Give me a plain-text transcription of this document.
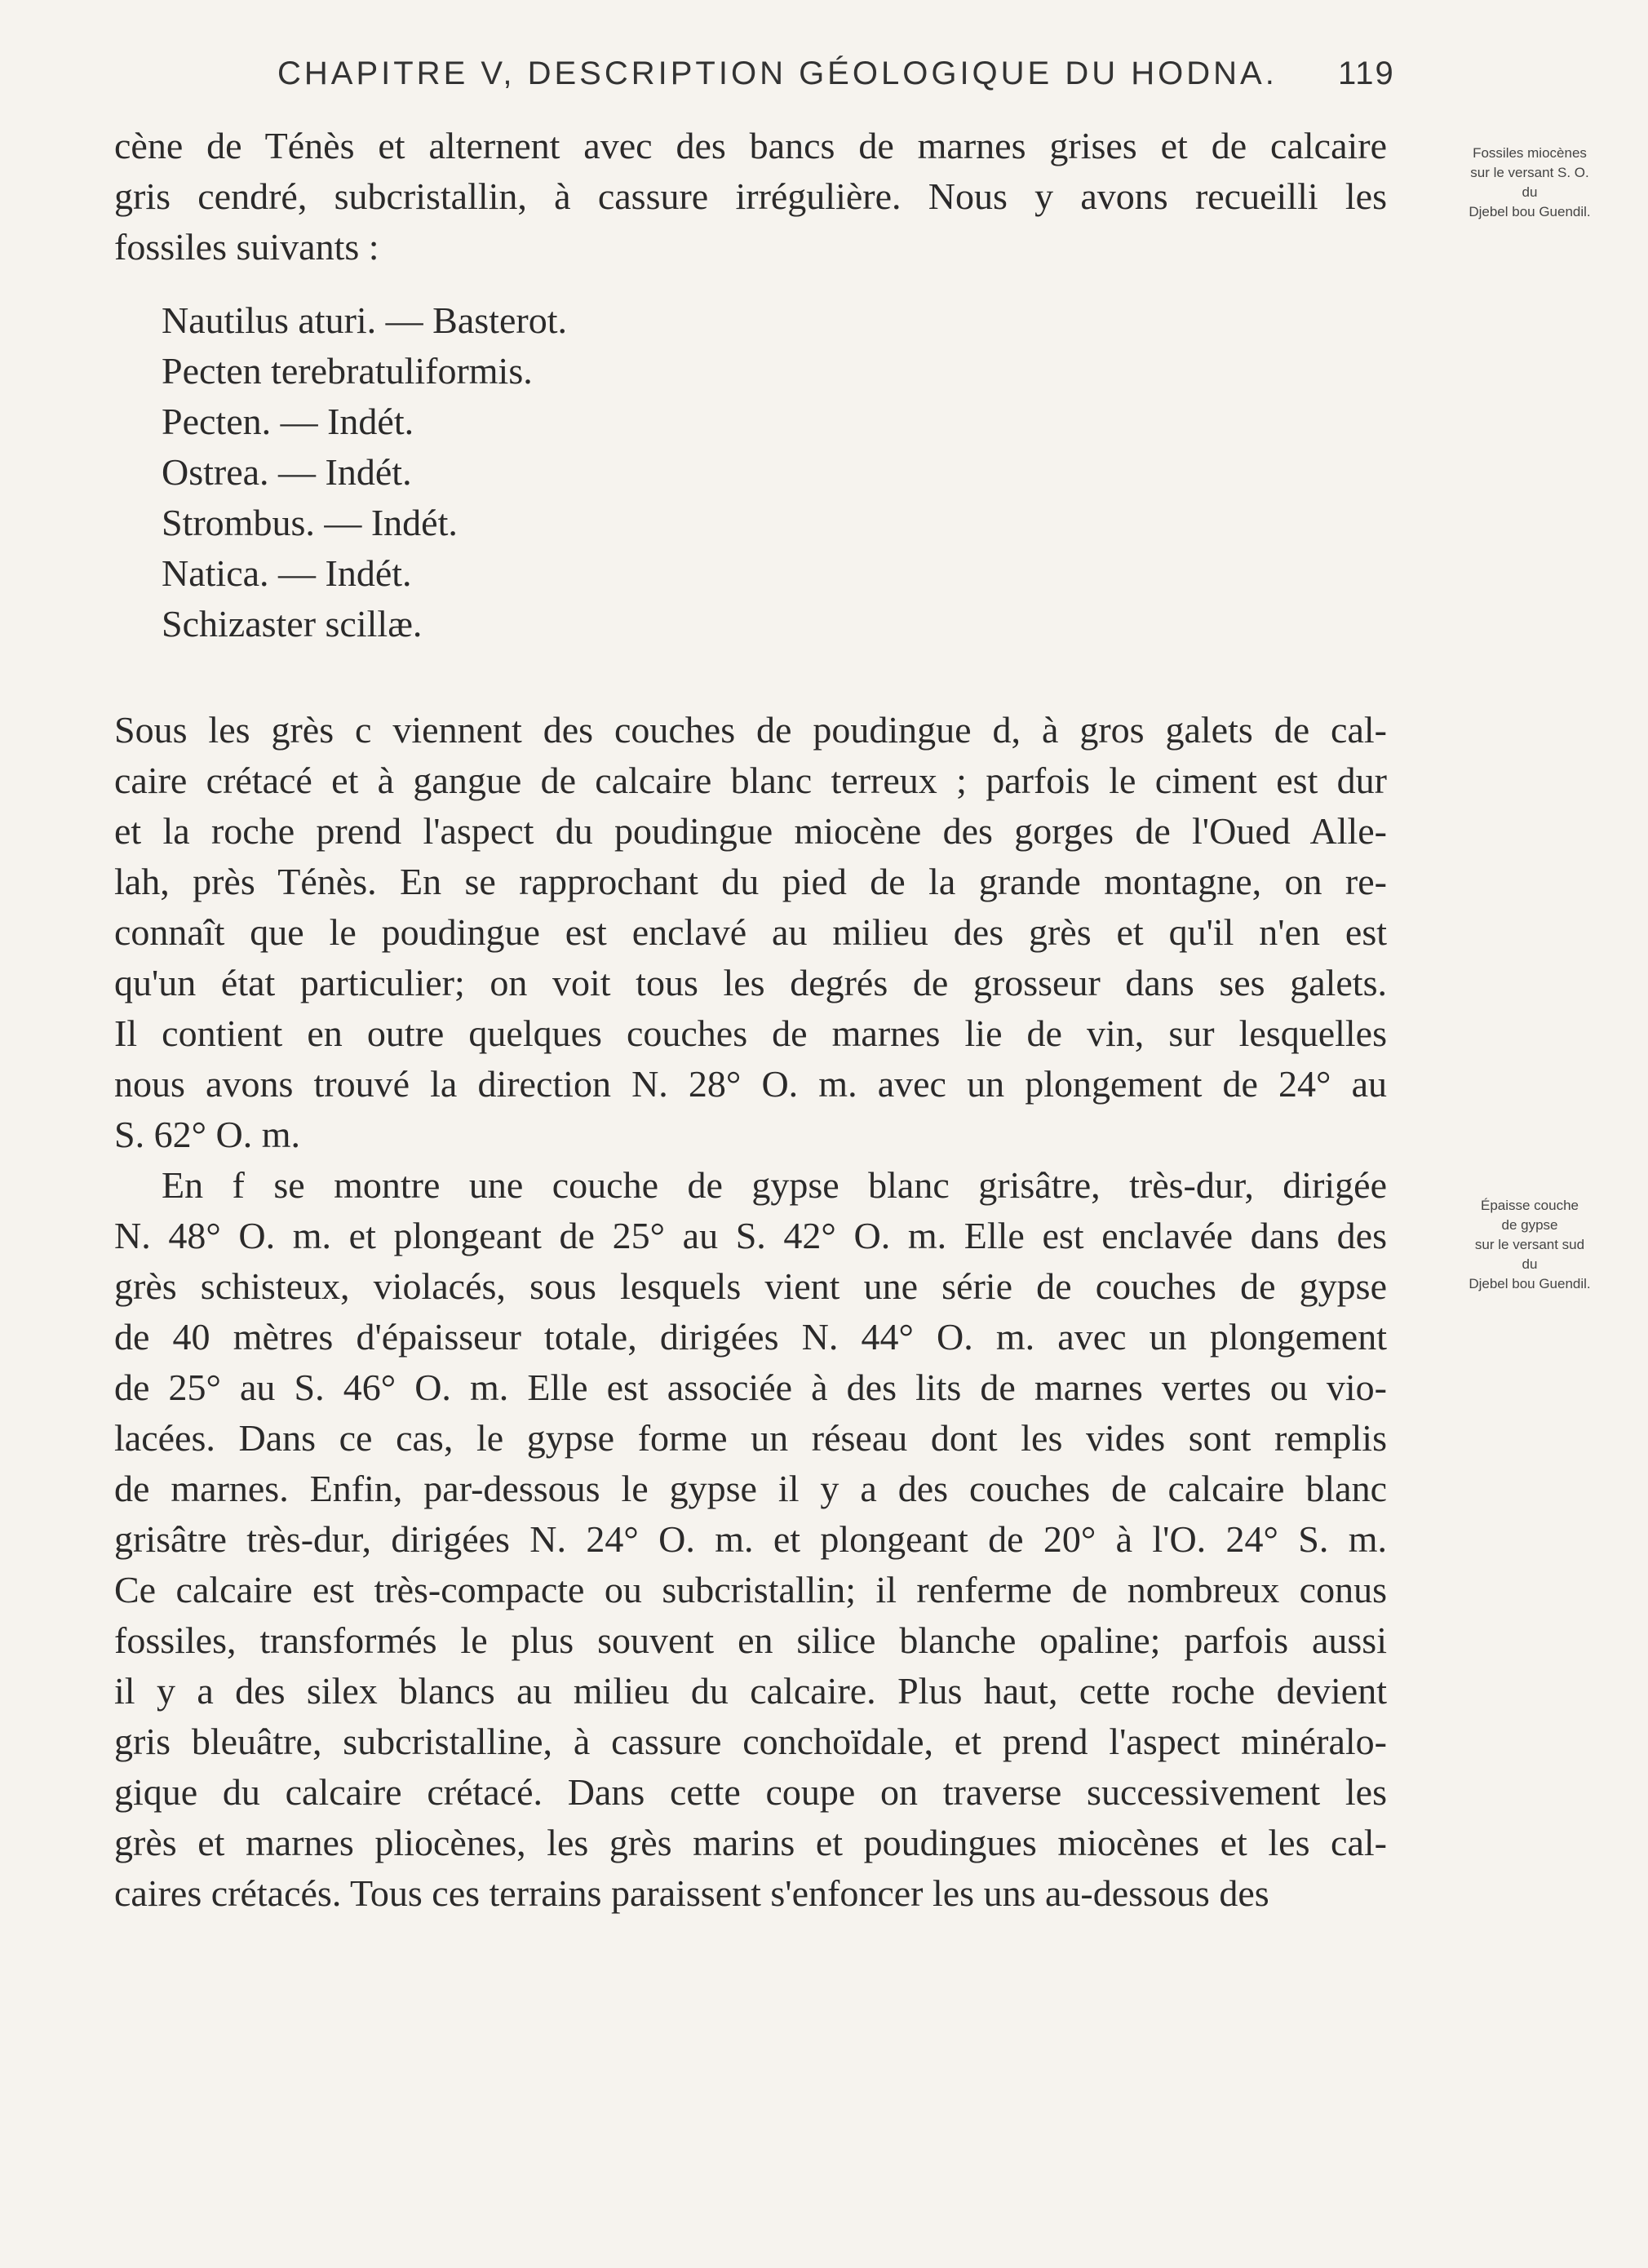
CHAPITRE V, DESCRIPTION GÉOLOGIQUE DU HODNA. 119
cène de Ténès et alternent avec des bancs de marnes grises et de calcaire
gris cendré, subcristallin, à cassure irrégulière. Nous y avons recueilli les
fossiles suivants :
Nautilus aturi. — Basterot.
Pecten terebratuliformis.
Pecten. — Indét.
Ostrea. — Indét.
Strombus. — Indét.
Natica. — Indét.
Schizaster scillæ.
Sous les grès c viennent des couches de poudingue d, à gros galets de cal-
caire crétacé et à gangue de calcaire blanc terreux ; parfois le ciment est dur
et la roche prend l'aspect du poudingue miocène des gorges de l'Oued Alle-
lah, près Ténès. En se rapprochant du pied de la grande montagne, on re-
connaît que le poudingue est enclavé au milieu des grès et qu'il n'en est
qu'un état particulier; on voit tous les degrés de grosseur dans ses galets.
Il contient en outre quelques couches de marnes lie de vin, sur lesquelles
nous avons trouvé la direction N. 28° O. m. avec un plongement de 24° au
S. 62° O. m.
En f se montre une couche de gypse blanc grisâtre, très-dur, dirigée
N. 48° O. m. et plongeant de 25° au S. 42° O. m. Elle est enclavée dans des
grès schisteux, violacés, sous lesquels vient une série de couches de gypse
de 40 mètres d'épaisseur totale, dirigées N. 44° O. m. avec un plongement
de 25° au S. 46° O. m. Elle est associée à des lits de marnes vertes ou vio-
lacées. Dans ce cas, le gypse forme un réseau dont les vides sont remplis
de marnes. Enfin, par-dessous le gypse il y a des couches de calcaire blanc
grisâtre très-dur, dirigées N. 24° O. m. et plongeant de 20° à l'O. 24° S. m.
Ce calcaire est très-compacte ou subcristallin; il renferme de nombreux conus
fossiles, transformés le plus souvent en silice blanche opaline; parfois aussi
il y a des silex blancs au milieu du calcaire. Plus haut, cette roche devient
gris bleuâtre, subcristalline, à cassure conchoïdale, et prend l'aspect minéralo-
gique du calcaire crétacé. Dans cette coupe on traverse successivement les
grès et marnes pliocènes, les grès marins et poudingues miocènes et les cal-
caires crétacés. Tous ces terrains paraissent s'enfoncer les uns au-dessous des
Fossiles miocènes
sur le versant S. O.
du
Djebel bou Guendil.
Épaisse couche
de gypse
sur le versant sud
du
Djebel bou Guendil.
